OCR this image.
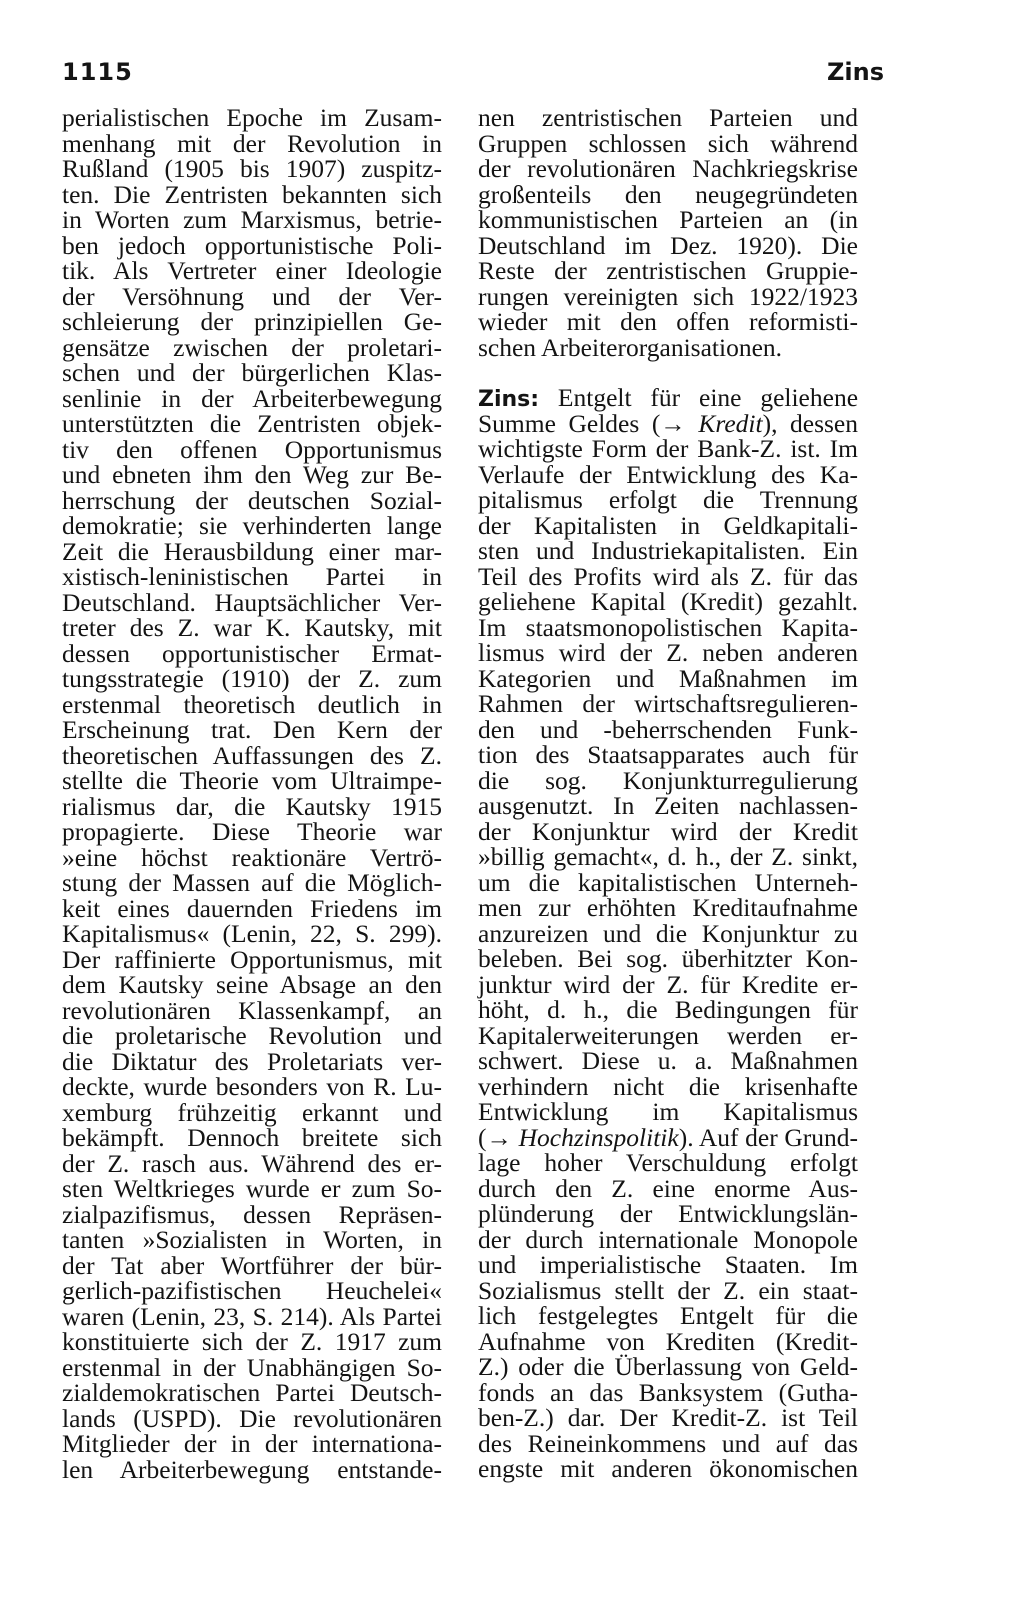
1115	Zins
perialistischen Epoche im Zusam-
menhang mit der Revolution in
Rußland (1905 bis 1907) zuspitz-
ten. Die Zentristen bekannten sich
in Worten zum Marxismus, betrie-
ben jedoch opportunistische Poli-
tik. Als Vertreter einer Ideologie
der Versöhnung und der Ver-
schleierung der prinzipiellen Ge-
gensätze zwischen der proletari-
schen und der bürgerlichen Klas-
senlinie in der Arbeiterbewegung
unterstützten die Zentristen objek-
tiv den offenen Opportunismus
und ebneten ihm den Weg zur Be-
herrschung der deutschen Sozial-
demokratie; sie verhinderten lange
Zeit die Herausbildung einer mar-
xistisch-leninistischen Partei in
Deutschland. Hauptsächlicher Ver-
treter des Z. war K. Kautsky, mit
dessen opportunistischer Ermat-
tungsstrategie (1910) der Z. zum
erstenmal theoretisch deutlich in
Erscheinung trat. Den Kern der
theoretischen Auffassungen des Z.
stellte die Theorie vom Ultraimpe-
rialismus dar, die Kautsky 1915
propagierte. Diese Theorie war
»eine höchst reaktionäre Vertrö-
stung der Massen auf die Möglich-
keit eines dauernden Friedens im
Kapitalismus« (Lenin, 22, S. 299).
Der raffinierte Opportunismus, mit
dem Kautsky seine Absage an den
revolutionären Klassenkampf, an
die proletarische Revolution und
die Diktatur des Proletariats ver-
deckte, wurde besonders von R. Lu-
xemburg frühzeitig erkannt und
bekämpft. Dennoch breitete sich
der Z. rasch aus. Während des er-
sten Weltkrieges wurde er zum So-
zialpazifismus, dessen Repräsen-
tanten »Sozialisten in Worten, in
der Tat aber Wortführer der bür-
gerlich-pazifistischen Heuchelei«
waren (Lenin, 23, S. 214). Als Partei
konstituierte sich der Z. 1917 zum
erstenmal in der Unabhängigen So-
zialdemokratischen Partei Deutsch-
lands (USPD). Die revolutionären
Mitglieder der in der internationa-
len Arbeiterbewegung entstande-
nen zentristischen Parteien und
Gruppen schlossen sich während
der revolutionären Nachkriegskrise
großenteils den neugegründeten
kommunistischen Parteien an (in
Deutschland im Dez. 1920). Die
Reste der zentristischen Gruppie-
rungen vereinigten sich 1922/1923
wieder mit den offen reformisti-
schen Arbeiterorganisationen.
Zins: Entgelt für eine geliehene
Summe Geldes (→ Kredit), dessen
wichtigste Form der Bank-Z. ist. Im
Verlaufe der Entwicklung des Ka-
pitalismus erfolgt die Trennung
der Kapitalisten in Geldkapitali-
sten und Industriekapitalisten. Ein
Teil des Profits wird als Z. für das
geliehene Kapital (Kredit) gezahlt.
Im staatsmonopolistischen Kapita-
lismus wird der Z. neben anderen
Kategorien und Maßnahmen im
Rahmen der wirtschaftsregulieren-
den und -beherrschenden Funk-
tion des Staatsapparates auch für
die sog. Konjunkturregulierung
ausgenutzt. In Zeiten nachlassen-
der Konjunktur wird der Kredit
»billig gemacht«, d. h., der Z. sinkt,
um die kapitalistischen Unterneh-
men zur erhöhten Kreditaufnahme
anzureizen und die Konjunktur zu
beleben. Bei sog. überhitzter Kon-
junktur wird der Z. für Kredite er-
höht, d. h., die Bedingungen für
Kapitalerweiterungen werden er-
schwert. Diese u. a. Maßnahmen
verhindern nicht die krisenhafte
Entwicklung im Kapitalismus
(→ Hochzinspolitik). Auf der Grund-
lage hoher Verschuldung erfolgt
durch den Z. eine enorme Aus-
plünderung der Entwicklungslän-
der durch internationale Monopole
und imperialistische Staaten. Im
Sozialismus stellt der Z. ein staat-
lich festgelegtes Entgelt für die
Aufnahme von Krediten (Kredit-
Z.) oder die Überlassung von Geld-
fonds an das Banksystem (Gutha-
ben-Z.) dar. Der Kredit-Z. ist Teil
des Reineinkommens und auf das
engste mit anderen ökonomischen
